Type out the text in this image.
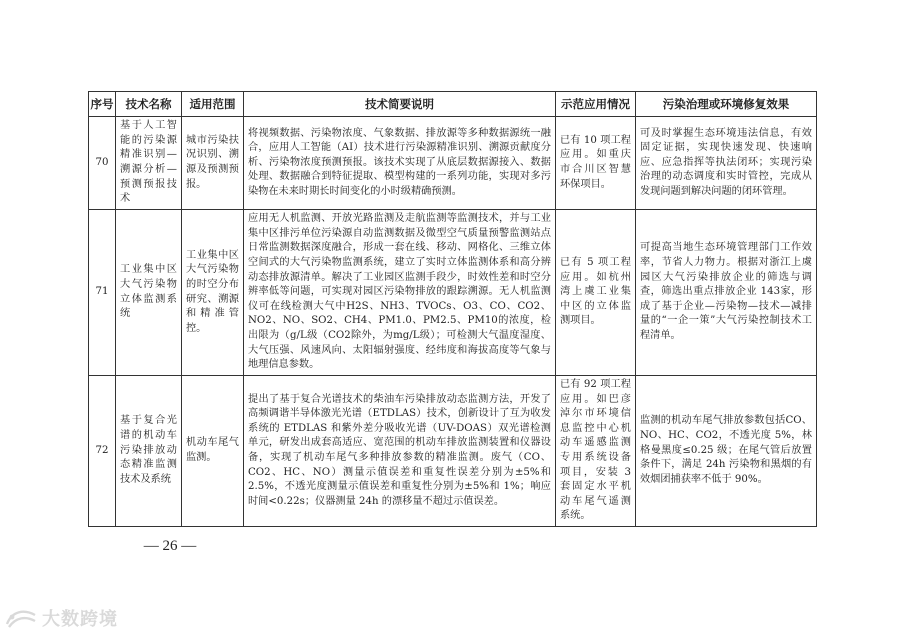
序号	技术名称	适用范围	技术简要说明	示范应用情况	污染治理或环境修复效果
70	基于人工智能的污染源精准识别—溯源分析—预测预报技术	城市污染扶况识别、溯源及预测预报。	将视频数据、污染物浓度、气象数据、排放源等多种数据源统一融合，应用人工智能（AI）技术进行污染源精准识别、溯源贡献度分析、污染物浓度预测预报。该技术实现了从底层数据源接入、数据处理、数据融合到特征提取、模型构建的一系列功能，实现对多污染物在未来时期长时间变化的小时级精确预测。	已有 10 项工程应用。如重庆市合川区智慧环保项目。	可及时掌握生态环境违法信息，有效固定证据，实现快速发现、快速响应、应急指挥等执法闭环；实现污染治理的动态调度和实时管控，完成从发现问题到解决问题的闭环管理。
71	工业集中区大气污染物立体监测系统	工业集中区大气污染物的时空分布研究、溯源和精准管控。	应用无人机监测、开放光路监测及走航监测等监测技术，并与工业集中区排污单位污染源自动监测数据及微型空气质量预警监测站点日常监测数据深度融合，形成一套在线、移动、网格化、三维立体空间式的大气污染物监测系统，建立了实时立体监测体系和高分辨动态排放源清单。解决了工业园区监测手段少，时效性差和时空分辨率低等问题，可实现对园区污染物排放的跟踪溯源。无人机监测仪可在线检测大气中H2S、NH3、TVOCs、O3、CO、CO2、NO2、NO、SO2、CH4、PM1.0、PM2.5、PM10的浓度，检出限为（g/L级（CO2除外，为mg/L级）；可检测大气温度湿度、大气压强、风速风向、太阳辐射强度、经纬度和海拔高度等气象与地理信息参数。	已有 5 项工程应用。如杭州湾上虞工业集中区的立体监测项目。	可提高当地生态环境管理部门工作效率，节省人力物力。根据对浙江上虞园区大气污染排放企业的筛选与调查，筛选出重点排放企业 143家，形成了基于企业—污染物—技术—减排量的“一企一策”大气污染控制技术工程清单。
72	基于复合光谱的机动车污染排放动态精准监测技术及系统	机动车尾气监测。	提出了基于复合光谱技术的柴油车污染排放动态监测方法，开发了高频调谐半导体激光光谱（ETDLAS）技术，创新设计了互为收发系统的 ETDLAS 和紫外差分吸收光谱（UV-DOAS）双光谱检测单元，研发出成套高适应、宽范围的机动车排放监测装置和仪器设备，实现了机动车尾气多种排放参数的精准监测。废气（CO、CO2、HC、NO）测量示值误差和重复性误差分别为±5%和 2.5%，不透光度测量示值误差和重复性分别为±5%和 1%；响应时间<0.22s；仪器测量 24h 的漂移量不超过示值误差。	已有 92 项工程应用。如巴彦淖尔市环境信息监控中心机动车遥感监测专用系统设备项目，安装 3 套固定水平机动车尾气遥测系统。	监测的机动车尾气排放参数包括CO、NO、HC、CO2，不透光度 5%，林格曼黑度≤0.25 级；在尾气管后放置条件下，满足 24h 污染物和黑烟的有效烟团捕获率不低于 90%。
— 26 —
大数跨境
